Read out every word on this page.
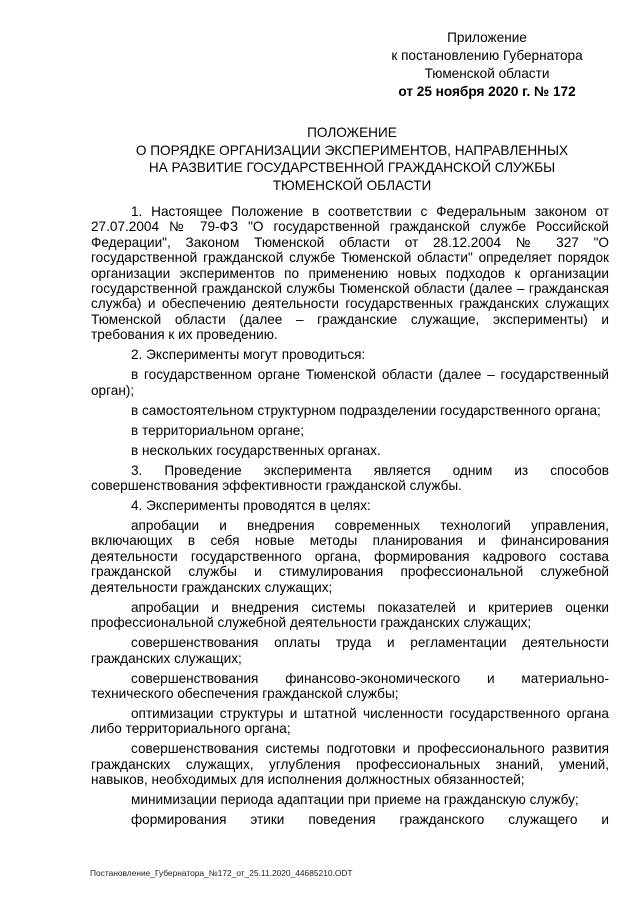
Приложение
к постановлению Губернатора
Тюменской области
от 25 ноября 2020 г. № 172
ПОЛОЖЕНИЕ
О ПОРЯДКЕ ОРГАНИЗАЦИИ ЭКСПЕРИМЕНТОВ, НАПРАВЛЕННЫХ
НА РАЗВИТИЕ ГОСУДАРСТВЕННОЙ ГРАЖДАНСКОЙ СЛУЖБЫ
ТЮМЕНСКОЙ ОБЛАСТИ

1. Настоящее Положение в соответствии с Федеральным законом от 27.07.2004 № 79-ФЗ "О государственной гражданской службе Российской Федерации", Законом Тюменской области от 28.12.2004 № 327 "О государственной гражданской службе Тюменской области" определяет порядок организации экспериментов по применению новых подходов к организации государственной гражданской службы Тюменской области (далее – гражданская служба) и обеспечению деятельности государственных гражданских служащих Тюменской области (далее – гражданские служащие, эксперименты) и требования к их проведению.

2. Эксперименты могут проводиться:

в государственном органе Тюменской области (далее – государственный орган);

в самостоятельном структурном подразделении государственного органа;

в территориальном органе;

в нескольких государственных органах.

3. Проведение эксперимента является одним из способов совершенствования эффективности гражданской службы.

4. Эксперименты проводятся в целях:

апробации и внедрения современных технологий управления, включающих в себя новые методы планирования и финансирования деятельности государственного органа, формирования кадрового состава гражданской службы и стимулирования профессиональной служебной деятельности гражданских служащих;

апробации и внедрения системы показателей и критериев оценки профессиональной служебной деятельности гражданских служащих;

совершенствования оплаты труда и регламентации деятельности гражданских служащих;

совершенствования финансово-экономического и материально-технического обеспечения гражданской службы;

оптимизации структуры и штатной численности государственного органа либо территориального органа;

совершенствования системы подготовки и профессионального развития гражданских служащих, углубления профессиональных знаний, умений, навыков, необходимых для исполнения должностных обязанностей;

минимизации периода адаптации при приеме на гражданскую службу;

формирования этики поведения гражданского служащего и

Постановление_Губернатора_№172_от_25.11.2020_44685210.ODT
